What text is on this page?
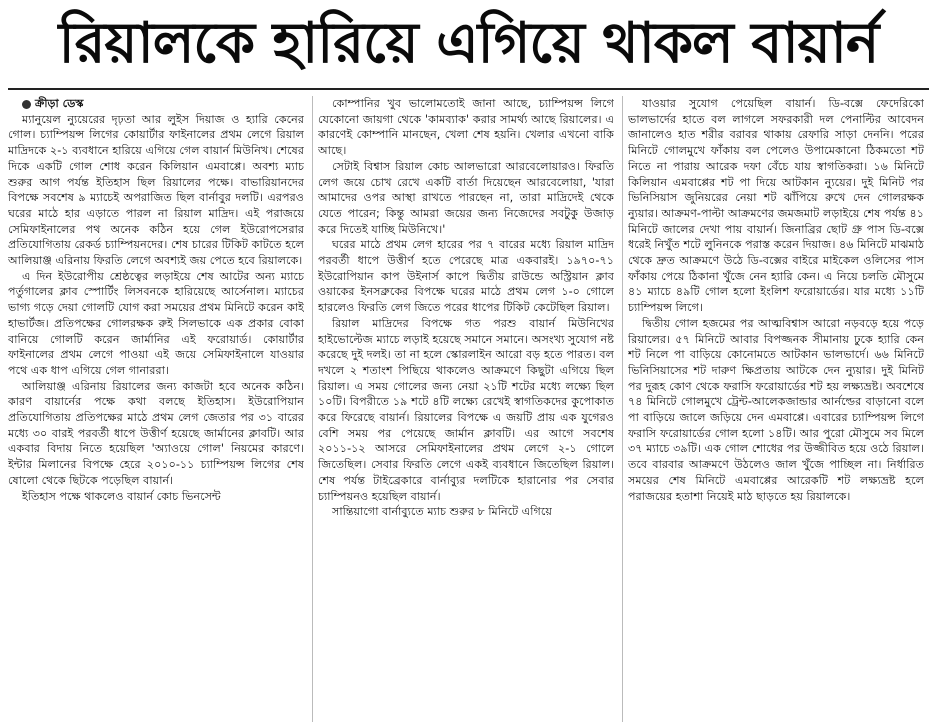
রিয়ালকে হারিয়ে এগিয়ে থাকল বায়ার্ন

ক্রীড়া ডেস্ক

ম্যানুয়েল ন্যুয়েরের দৃঢ়তা আর লুইস দিয়াজ ও হ্যারি কেনের গোল। চ্যাম্পিয়ন্স লিগের কোয়ার্টার ফাইনালের প্রথম লেগে রিয়াল মাদ্রিদকে ২-১ ব্যবধানে হারিয়ে এগিয়ে গেল বায়ার্ন মিউনিখ। শেষের দিকে একটি গোল শোধ করেন কিলিয়ান এমবাপ্পে। অবশ্য ম্যাচ শুরুর আগ পর্যন্ত ইতিহাস ছিল রিয়ালের পক্ষে। বাভারিয়ানদের বিপক্ষে সবশেষ ৯ ম্যাচেই অপরাজিত ছিল বার্নাবুর দলটি। এরপরও ঘরের মাঠে হার এড়াতে পারল না রিয়াল মাদ্রিদ। এই পরাজয়ে সেমিফাইনালের পথ অনেক কঠিন হয়ে গেল ইউরোপসেরার প্রতিযোগিতায় রেকর্ড চ্যাম্পিয়নদের। শেষ চারের টিকিট কাটতে হলে আলিয়াঞ্জ এরিনায় ফিরতি লেগে অবশ্যই জয় পেতে হবে রিয়ালকে।

এ দিন ইউরোপীয় শ্রেষ্ঠত্বের লড়াইয়ে শেষ আটের অন্য ম্যাচে পর্তুগালের ক্লাব স্পোর্টিং লিসবনকে হারিয়েছে আর্সেনাল। ম্যাচের ভাগ্য গড়ে দেয়া গোলটি যোগ করা সময়ের প্রথম মিনিটে করেন কাই হাভার্টজ। প্রতিপক্ষের গোলরক্ষক রুই সিলভাকে এক প্রকার বোকা বানিয়ে গোলটি করেন জার্মানির এই ফরোয়ার্ড। কোয়ার্টার ফাইনালের প্রথম লেগে পাওয়া এই জয়ে সেমিফাইনালে যাওয়ার পথে এক ধাপ এগিয়ে গেল গানাররা।

আলিয়াঞ্জ এরিনায় রিয়ালের জন্য কাজটা হবে অনেক কঠিন। কারণ বায়ার্নের পক্ষে কথা বলছে ইতিহাস। ইউরোপিয়ান প্রতিযোগিতায় প্রতিপক্ষের মাঠে প্রথম লেগ জেতার পর ৩১ বারের মধ্যে ৩০ বারই পরবর্তী ধাপে উত্তীর্ণ হয়েছে জার্মানের ক্লাবটি। আর একবার বিদায় নিতে হয়েছিল 'অ্যাওয়ে গোল' নিয়মের কারণে। ইন্টার মিলানের বিপক্ষে হেরে ২০১০-১১ চ্যাম্পিয়ন্স লিগের শেষ ষোলো থেকে ছিটকে পড়েছিল বায়ার্ন।

ইতিহাস পক্ষে থাকলেও বায়ার্ন কোচ ভিনসেন্ট

কোম্পানির খুব ভালোমতোই জানা আছে, চ্যাম্পিয়ন্স লিগে যেকোনো জায়গা থেকে 'কামব্যাক' করার সামর্থ্য আছে রিয়ালের। এ কারণেই কোম্পানি মানছেন, খেলা শেষ হয়নি। খেলার এখনো বাকি আছে।

সেটাই বিশ্বাস রিয়াল কোচ আলভারো আরবেলোয়ারও। ফিরতি লেগ জয়ে চোখ রেখে একটি বার্তা দিয়েছেন আরবেলোয়া, 'যারা আমাদের ওপর আস্থা রাখতে পারছেন না, তারা মাদ্রিদেই থেকে যেতে পারেন; কিন্তু আমরা জয়ের জন্য নিজেদের সবটুকু উজাড় করে দিতেই যাচ্ছি মিউনিখে।'

ঘরের মাঠে প্রথম লেগ হারের পর ৭ বারের মধ্যে রিয়াল মাদ্রিদ পরবর্তী ধাপে উত্তীর্ণ হতে পেরেছে মাত্র একবারই। ১৯৭০-৭১ ইউরোপিয়ান কাপ উইনার্স কাপে দ্বিতীয় রাউন্ডে অস্ট্রিয়ান ক্লাব ওয়াকের ইনসব্রুকের বিপক্ষে ঘরের মাঠে প্রথম লেগ ১-০ গোলে হারলেও ফিরতি লেগ জিতে পরের ধাপের টিকিট কেটেছিল রিয়াল।

রিয়াল মাদ্রিদের বিপক্ষে গত পরশু বায়ার্ন মিউনিখের হাইভোল্টেজ ম্যাচে লড়াই হয়েছে সমানে সমানে। অসংখ্য সুযোগ নষ্ট করেছে দুই দলই। তা না হলে স্কোরলাইন আরো বড় হতে পারত। বল দখলে ২ শতাংশ পিছিয়ে থাকলেও আক্রমণে কিছুটা এগিয়ে ছিল রিয়াল। এ সময় গোলের জন্য নেয়া ২১টি শটের মধ্যে লক্ষ্যে ছিল ১০টি। বিপরীতে ১৯ শটে ৪টি লক্ষ্যে রেখেই স্বাগতিকদের কুপোকাত করে ফিরেছে বায়ার্ন। রিয়ালের বিপক্ষে এ জয়টি প্রায় এক যুগেরও বেশি সময় পর পেয়েছে জার্মান ক্লাবটি। এর আগে সবশেষ ২০১১-১২ আসরে সেমিফাইনালের প্রথম লেগে ২-১ গোলে জিতেছিল। সেবার ফিরতি লেগে একই ব্যবধানে জিতেছিল রিয়াল। শেষ পর্যন্ত টাইব্রেকারে বার্নাব্যুর দলটিকে হারানোর পর সেবার চ্যাম্পিয়নও হয়েছিল বায়ার্ন।

সান্তিয়াগো বার্নাব্যুতে ম্যাচ শুরুর ৮ মিনিটে এগিয়ে

যাওয়ার সুযোগ পেয়েছিল বায়ার্ন। ডি-বক্সে ফেদেরিকো ভালভার্দের হাতে বল লাগলে সফরকারী দল পেনাল্টির আবেদন জানালেও হাত শরীর বরাবর থাকায় রেফারি সাড়া দেননি। পরের মিনিটে গোলমুখে ফাঁকায় বল পেলেও উপামেকানো ঠিকমতো শট নিতে না পারায় আরেক দফা বেঁচে যায় স্বাগতিকরা। ১৬ মিনিটে কিলিয়ান এমবাপ্পের শট পা দিয়ে আটকান ন্যুয়ের। দুই মিনিট পর ভিনিসিয়াস জুনিয়রের নেয়া শট ঝাঁপিয়ে রুখে দেন গোলরক্ষক ন্যুয়ার। আক্রমণ-পাল্টা আক্রমণের জমজমাট লড়াইয়ে শেষ পর্যন্ত ৪১ মিনিটে জালের দেখা পায় বায়ার্ন। জিনাব্রির ছোট গ্রু পাস ডি-বক্সে ধরেই নিখুঁত শটে লুনিনকে পরাস্ত করেন দিয়াজ। ৪৬ মিনিটে মাঝমাঠ থেকে দ্রুত আক্রমণে উঠে ডি-বক্সের বাইরে মাইকেল ওলিসের পাস ফাঁকায় পেয়ে ঠিকানা খুঁজে নেন হ্যারি কেন। এ নিয়ে চলতি মৌসুমে ৪১ ম্যাচে ৪৯টি গোল হলো ইংলিশ ফরোয়ার্ডের। যার মধ্যে ১১টি চ্যাম্পিয়ন্স লিগে।

দ্বিতীয় গোল হজমের পর আত্মবিশ্বাস আরো নড়বড়ে হয়ে পড়ে রিয়ালের। ৫৭ মিনিটে আবার বিপজ্জনক সীমানায় ঢুকে হ্যারি কেন শট নিলে পা বাড়িয়ে কোনোমতে আটকান ভালভার্দে। ৬৬ মিনিটে ভিনিসিয়াসের শট দারুণ ক্ষিপ্রতায় আটকে দেন ন্যুয়ার। দুই মিনিট পর দুরূহ কোণ থেকে ফরাসি ফরোয়ার্ডের শট হয় লক্ষ্যভ্রষ্ট। অবশেষে ৭৪ মিনিটে গোলমুখে ট্রেন্ট-আলেকজান্ডার আর্নল্ডের বাড়ানো বলে পা বাড়িয়ে জালে জড়িয়ে দেন এমবাপ্পে। এবারের চ্যাম্পিয়ন্স লিগে ফরাসি ফরোয়ার্ডের গোল হলো ১৪টি। আর পুরো মৌসুমে সব মিলে ৩৭ ম্যাচে ৩৯টি। এক গোল শোধের পর উজ্জীবিত হয়ে ওঠে রিয়াল। তবে বারবার আক্রমণে উঠলেও জাল খুঁজে পাচ্ছিল না। নির্ধারিত সময়ের শেষ মিনিটে এমবাপ্পের আরেকটি শট লক্ষ্যভ্রষ্ট হলে পরাজয়ের হতাশা নিয়েই মাঠ ছাড়তে হয় রিয়ালকে।
